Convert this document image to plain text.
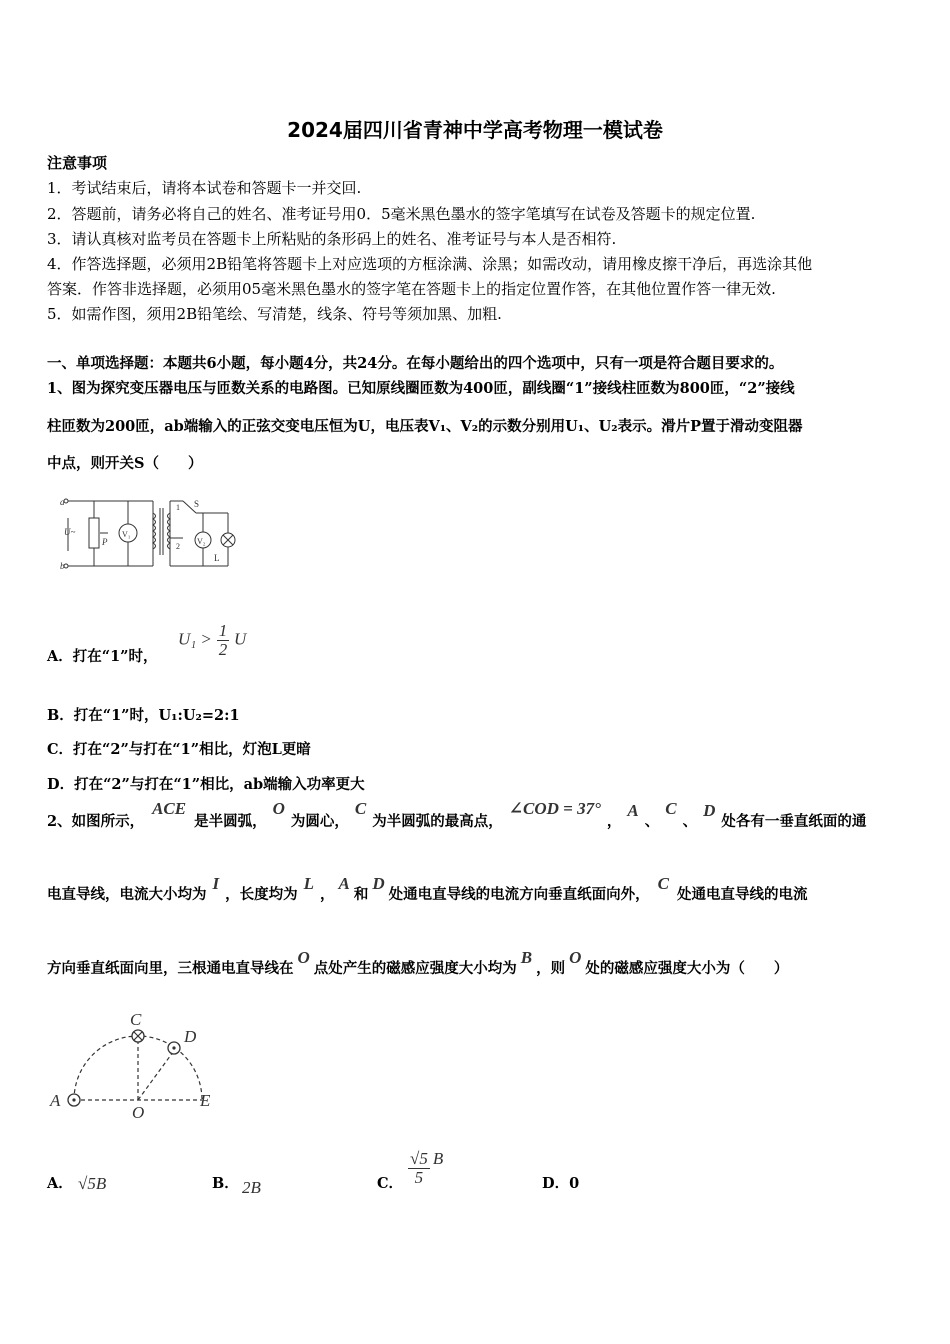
2024届四川省青神中学高考物理一模试卷
注意事项
1．考试结束后，请将本试卷和答题卡一并交回.
2．答题前，请务必将自己的姓名、准考证号用0．5毫米黑色墨水的签字笔填写在试卷及答题卡的规定位置.
3．请认真核对监考员在答题卡上所粘贴的条形码上的姓名、准考证号与本人是否相符.
4．作答选择题，必须用2B铅笔将答题卡上对应选项的方框涂满、涂黑；如需改动，请用橡皮擦干净后，再选涂其他
答案．作答非选择题，必须用05毫米黑色墨水的签字笔在答题卡上的指定位置作答，在其他位置作答一律无效.
5．如需作图，须用2B铅笔绘、写清楚，线条、符号等须加黑、加粗.
一、单项选择题：本题共6小题，每小题4分，共24分。在每小题给出的四个选项中，只有一项是符合题目要求的。
1、图为探究变压器电压与匝数关系的电路图。已知原线圈匝数为400匝，副线圈“1”接线柱匝数为800匝，“2”接线
柱匝数为200匝，ab端输入的正弦交变电压恒为U，电压表V₁、V₂的示数分别用U₁、U₂表示。滑片P置于滑动变阻器
中点，则开关S（　　）
a
b
U~
P
V₁
1
2
S
V₂
L
A．打在“1”时，
$U_1 > \frac{1}{2}$ U
B．打在“1”时，U₁:U₂=2:1
C．打在“2”与打在“1”相比，灯泡L更暗
D．打在“2”与打在“1”相比，ab端输入功率更大
2、如图所示，ACE是半圆弧，O为圆心，C为半圆弧的最高点，∠COD = 37°，A、C、D处各有一垂直纸面的通
电直导线，电流大小均为I，长度均为L，A和D处通电直导线的电流方向垂直纸面向外，C处通电直导线的电流
方向垂直纸面向里，三根通电直导线在O点处产生的磁感应强度大小均为B，则O处的磁感应强度大小为（　　）
A
C
D
O
E
A． √5B	B． 2B	C． $\frac{√5}{5}$ B
D．0
